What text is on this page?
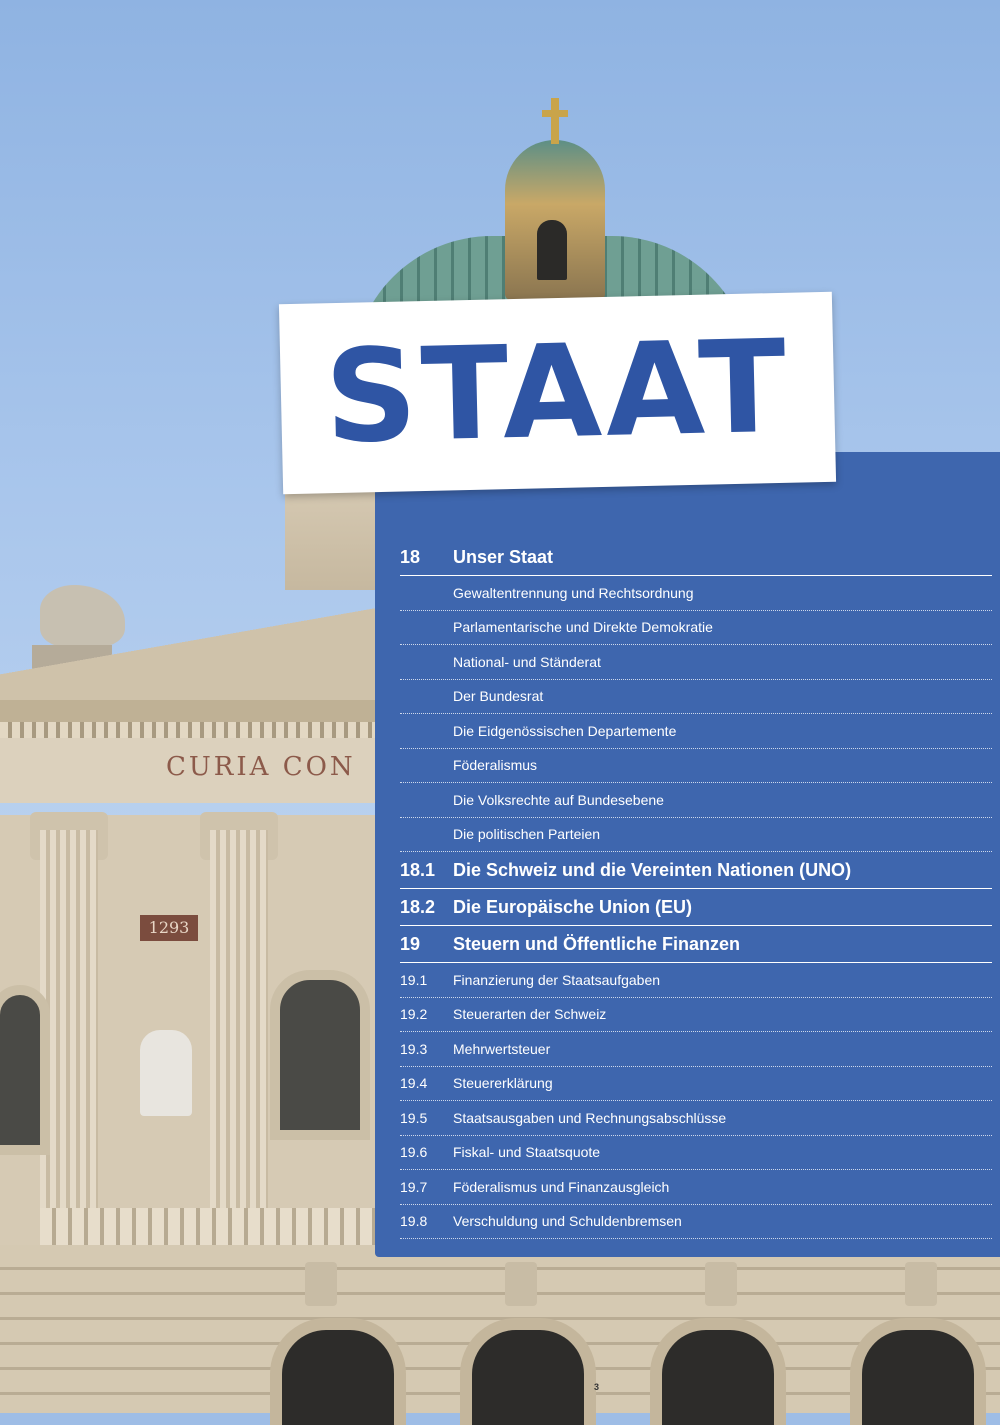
CURIA CON
1293
STAAT
18	Unser Staat
Gewaltentrennung und Rechtsordnung
Parlamentarische und Direkte Demokratie
National- und Ständerat
Der Bundesrat
Die Eidgenössischen Departemente
Föderalismus
Die Volksrechte auf Bundesebene
Die politischen Parteien
18.1 Die Schweiz und die Vereinten Nationen (UNO)
18.2 Die Europäische Union (EU)
19	Steuern und Öffentliche Finanzen
19.1	Finanzierung der Staatsaufgaben
19.2	Steuerarten der Schweiz
19.3	Mehrwertsteuer
19.4	Steuererklärung
19.5	Staatsausgaben und Rechnungsabschlüsse
19.6	Fiskal- und Staatsquote
19.7	Föderalismus und Finanzausgleich
19.8	Verschuldung und Schuldenbremsen
3
